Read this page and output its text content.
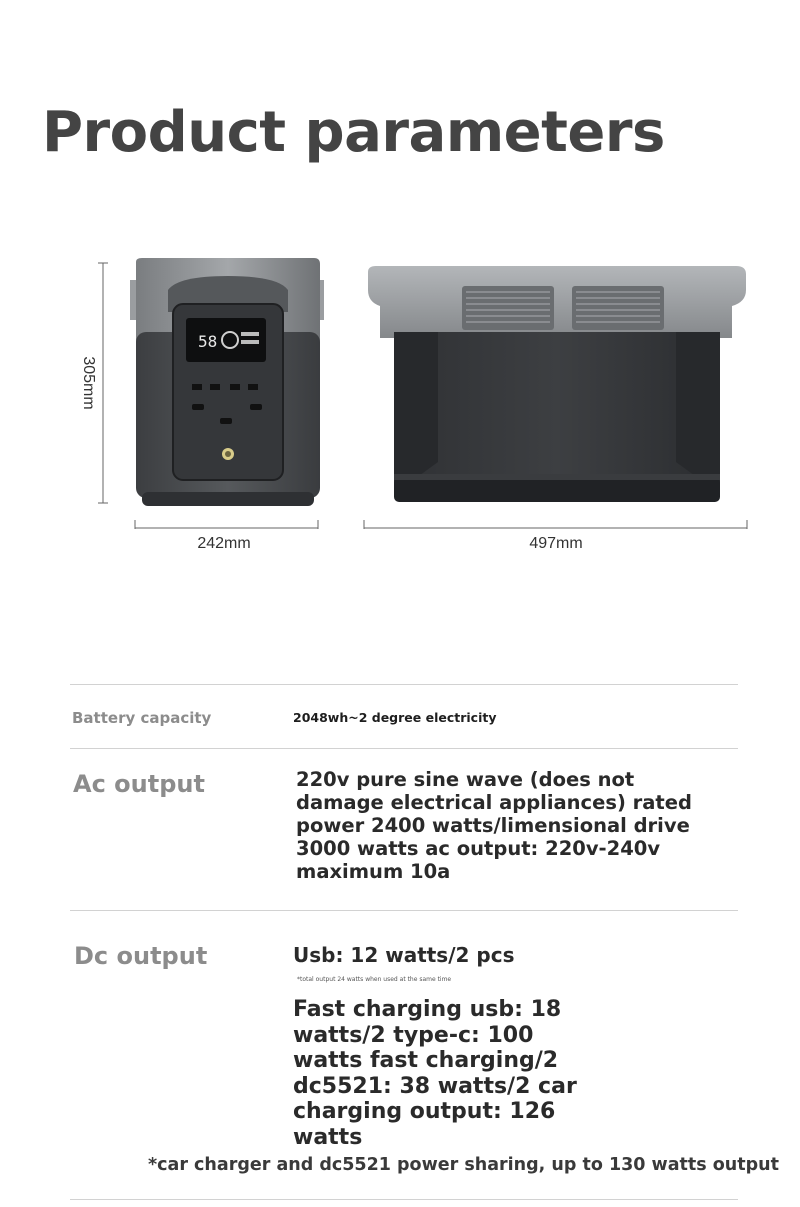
Product parameters
305mm
58
242mm	497mm
Battery capacity	2048wh~2 degree electricity
Ac output	220v pure sine wave (does not damage electrical appliances) rated power 2400 watts/limensional drive 3000 watts ac output: 220v-240v maximum 10a
Dc output	Usb: 12 watts/2 pcs
*total output 24 watts when used at the same time
Fast charging usb: 18 watts/2 type-c: 100 watts fast charging/2 dc5521: 38 watts/2 car charging output: 126 watts
*car charger and dc5521 power sharing, up to 130 watts output
